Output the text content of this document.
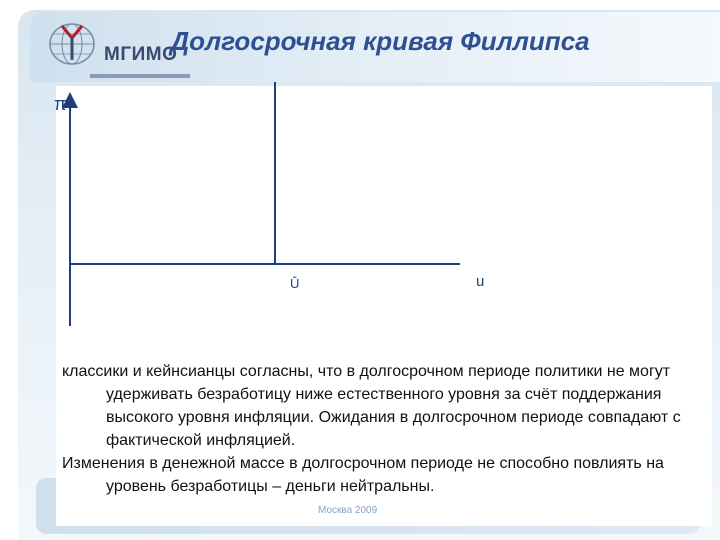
МГИМО
Долгосрочная кривая Филлипса
π
u
Û

классики и кейнсианцы согласны, что в долгосрочном периоде политики не могут удерживать безработицу ниже естественного уровня за счёт поддержания высокого уровня инфляции. Ожидания в долгосрочном периоде совпадают с фактической инфляцией.

Изменения в денежной массе в долгосрочном периоде не способно повлиять на уровень безработицы – деньги нейтральны.

Москва 2009
